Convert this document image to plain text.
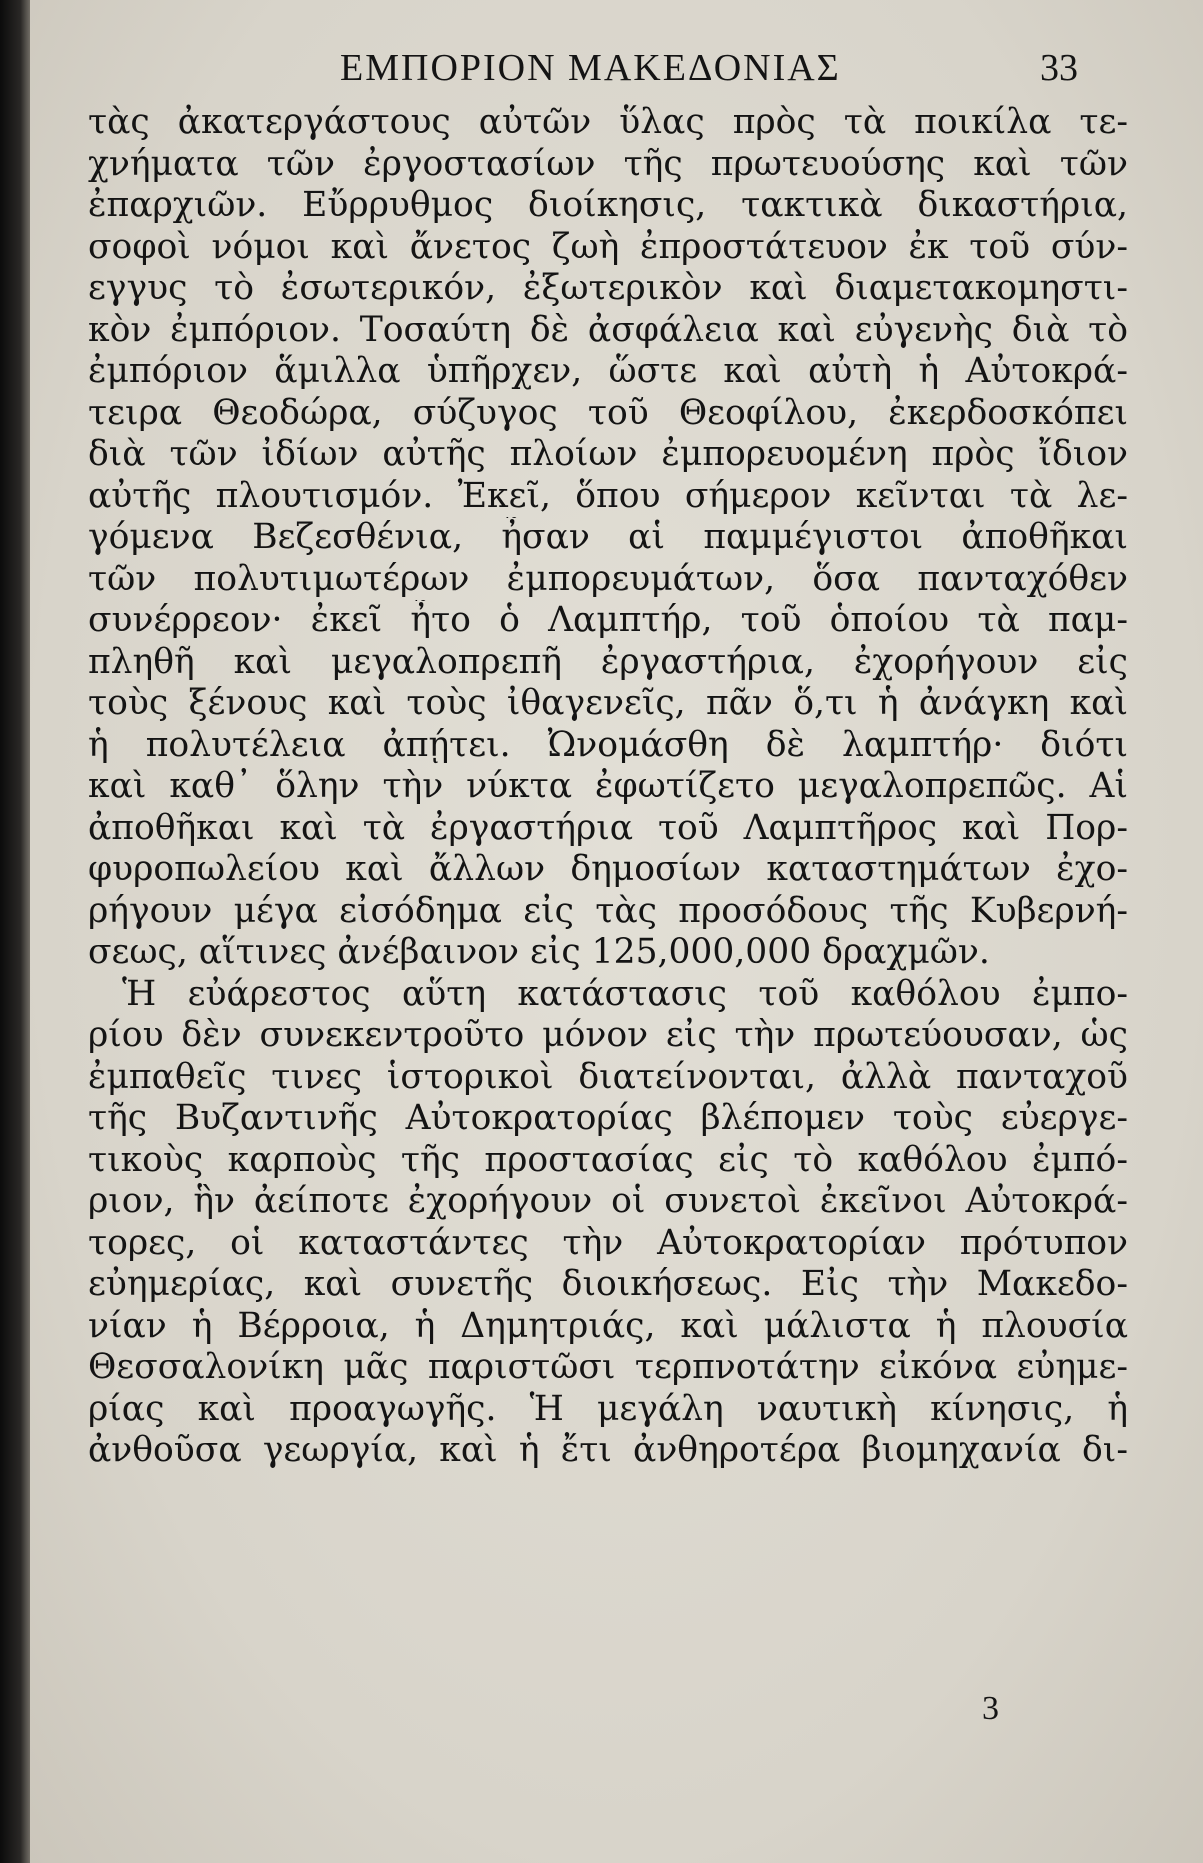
ΕΜΠΟΡΙΟΝ ΜΑΚΕΔΟΝΙΑΣ	33
τὰς ἀκατεργάστους αὐτῶν ὕλας πρὸς τὰ ποικίλα τε-
χνήματα τῶν ἐργοστασίων τῆς πρωτευούσης καὶ τῶν
ἐπαρχιῶν. Εὔρρυθμος διοίκησις, τακτικὰ δικαστήρια,
σοφοὶ νόμοι καὶ ἄνετος ζωὴ ἐπροστάτευον ἐκ τοῦ σύν-
εγγυς τὸ ἐσωτερικόν, ἐξωτερικὸν καὶ διαμετακομηστι-
κὸν ἐμπόριον. Τοσαύτη δὲ ἀσφάλεια καὶ εὐγενὴς διὰ τὸ
ἐμπόριον ἅμιλλα ὑπῆρχεν, ὥστε καὶ αὐτὴ ἡ Αὐτοκρά-
τειρα Θεοδώρα, σύζυγος τοῦ Θεοφίλου, ἐκερδοσκόπει
διὰ τῶν ἰδίων αὐτῆς πλοίων ἐμπορευομένη πρὸς ἴδιον
αὐτῆς πλουτισμόν. Ἐκεῖ, ὅπου σήμερον κεῖνται τὰ λε-
γόμενα Βεζεσθένια, ἦσαν αἱ παμμέγιστοι ἀποθῆκαι
τῶν πολυτιμωτέρων ἐμπορευμάτων, ὅσα πανταχόθεν
συνέρρεον· ἐκεῖ ἦτο ὁ Λαμπτήρ, τοῦ ὁποίου τὰ παμ-
πληθῆ καὶ μεγαλοπρεπῆ ἐργαστήρια, ἐχορήγουν εἰς
τοὺς ξένους καὶ τοὺς ἰθαγενεῖς, πᾶν ὅ,τι ἡ ἀνάγκη καὶ
ἡ πολυτέλεια ἀπῄτει. Ὠνομάσθη δὲ λαμπτήρ· διότι
καὶ καθ᾽ ὅλην τὴν νύκτα ἐφωτίζετο μεγαλοπρεπῶς. Αἱ
ἀποθῆκαι καὶ τὰ ἐργαστήρια τοῦ Λαμπτῆρος καὶ Πορ-
φυροπωλείου καὶ ἄλλων δημοσίων καταστημάτων ἐχο-
ρήγουν μέγα εἰσόδημα εἰς τὰς προσόδους τῆς Κυβερνή-
σεως, αἵτινες ἀνέβαινον εἰς 125,000,000 δραχμῶν.
Ἡ εὐάρεστος αὕτη κατάστασις τοῦ καθόλου ἐμπο-
ρίου δὲν συνεκεντροῦτο μόνον εἰς τὴν πρωτεύουσαν, ὡς
ἐμπαθεῖς τινες ἱστορικοὶ διατείνονται, ἀλλὰ πανταχοῦ
τῆς Βυζαντινῆς Αὐτοκρατορίας βλέπομεν τοὺς εὐεργε-
τικοὺς καρποὺς τῆς προστασίας εἰς τὸ καθόλου ἐμπό-
ριον, ἣν ἀείποτε ἐχορήγουν οἱ συνετοὶ ἐκεῖνοι Αὐτοκρά-
τορες, οἱ καταστάντες τὴν Αὐτοκρατορίαν πρότυπον
εὐημερίας, καὶ συνετῆς διοικήσεως. Εἰς τὴν Μακεδο-
νίαν ἡ Βέρροια, ἡ Δημητριάς, καὶ μάλιστα ἡ πλουσία
Θεσσαλονίκη μᾶς παριστῶσι τερπνοτάτην εἰκόνα εὐημε-
ρίας καὶ προαγωγῆς. Ἡ μεγάλη ναυτικὴ κίνησις, ἡ
ἀνθοῦσα γεωργία, καὶ ἡ ἔτι ἀνθηροτέρα βιομηχανία δι-
3
